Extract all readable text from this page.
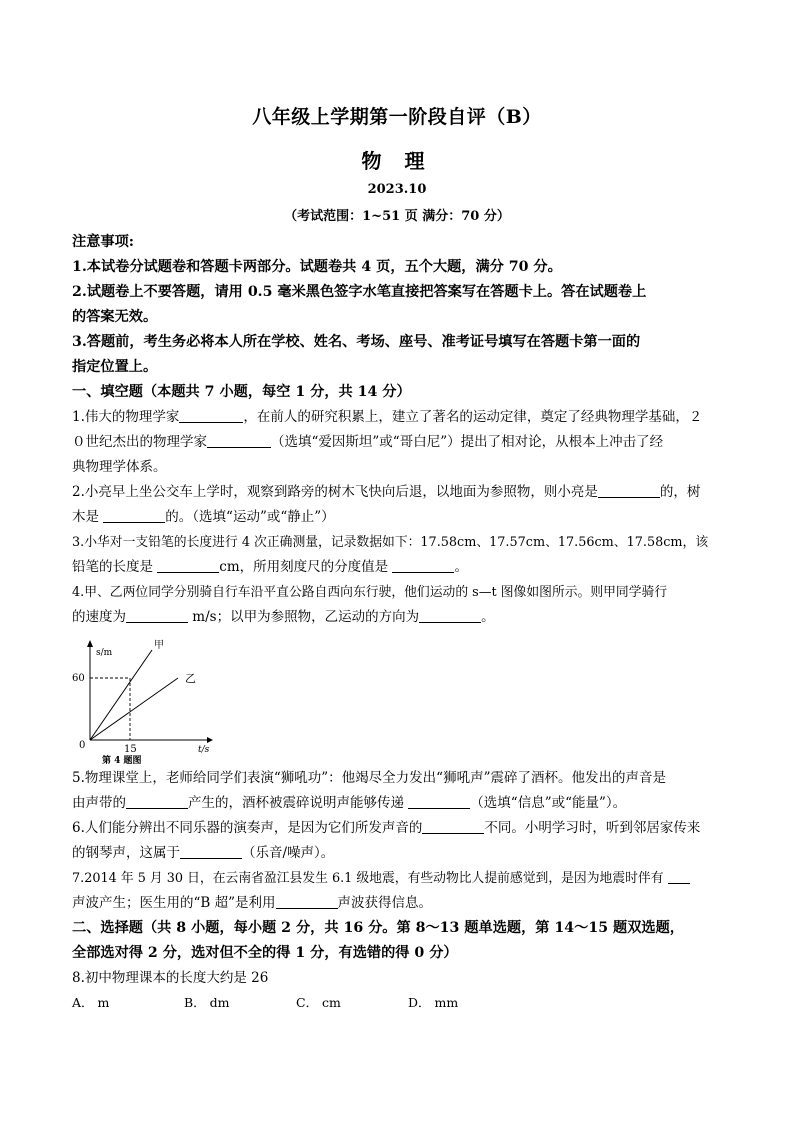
八年级上学期第一阶段自评（B）
物 理
2023.10
（考试范围：1~51 页 满分：70 分）
注意事项:
1.本试卷分试题卷和答题卡两部分。试题卷共 4 页，五个大题，满分 70 分。
2.试题卷上不要答题，请用 0.5 毫米黑色签字水笔直接把答案写在答题卡上。答在试题卷上
的答案无效。
3.答题前，考生务必将本人所在学校、姓名、考场、座号、准考证号填写在答题卡第一面的
指定位置上。
一、填空题（本题共 7 小题，每空 1 分，共 14 分）
1.伟大的物理学家	，在前人的研究积累上，建立了著名的运动定律，奠定了经典物理学基础，２
０世纪杰出的物理学家	（选填“爱因斯坦”或“哥白尼”）提出了相对论，从根本上冲击了经
典物理学体系。
2.小亮早上坐公交车上学时，观察到路旁的树木飞快向后退，以地面为参照物，则小亮是	的，树
木是	的。（选填“运动”或“静止”）
3.小华对一支铅笔的长度进行 4 次正确测量，记录数据如下：17.58cm、17.57cm、17.56cm、17.58cm，该
铅笔的长度是	cm，所用刻度尺的分度值是	。
4.甲、乙两位同学分别骑自行车沿平直公路自西向东行驶，他们运动的 s—t 图像如图所示。则甲同学骑行
的速度为	m/s；以甲为参照物，乙运动的方向为	。
s/m
60
0	15	t/s
甲
乙
第 4 题图
5.物理课堂上，老师给同学们表演“狮吼功”：他竭尽全力发出“狮吼声”震碎了酒杯。他发出的声音是
由声带的	产生的，酒杯被震碎说明声能够传递	（选填“信息”或“能量”）。
6.人们能分辨出不同乐器的演奏声，是因为它们所发声音的	不同。小明学习时，听到邻居家传来
的钢琴声，这属于	（乐音/噪声）。
7.2014 年 5 月 30 日，在云南省盈江县发生 6.1 级地震，有些动物比人提前感觉到，是因为地震时伴有
声波产生；医生用的“B 超”是利用	声波获得信息。
二、选择题（共 8 小题，每小题 2 分，共 16 分。第 8～13 题单选题，第 14～15 题双选题，
全部选对得 2 分，选对但不全的得 1 分，有选错的得 0 分）
8.初中物理课本的长度大约是 26
A． m	B． dm	C． cm	D． mm
